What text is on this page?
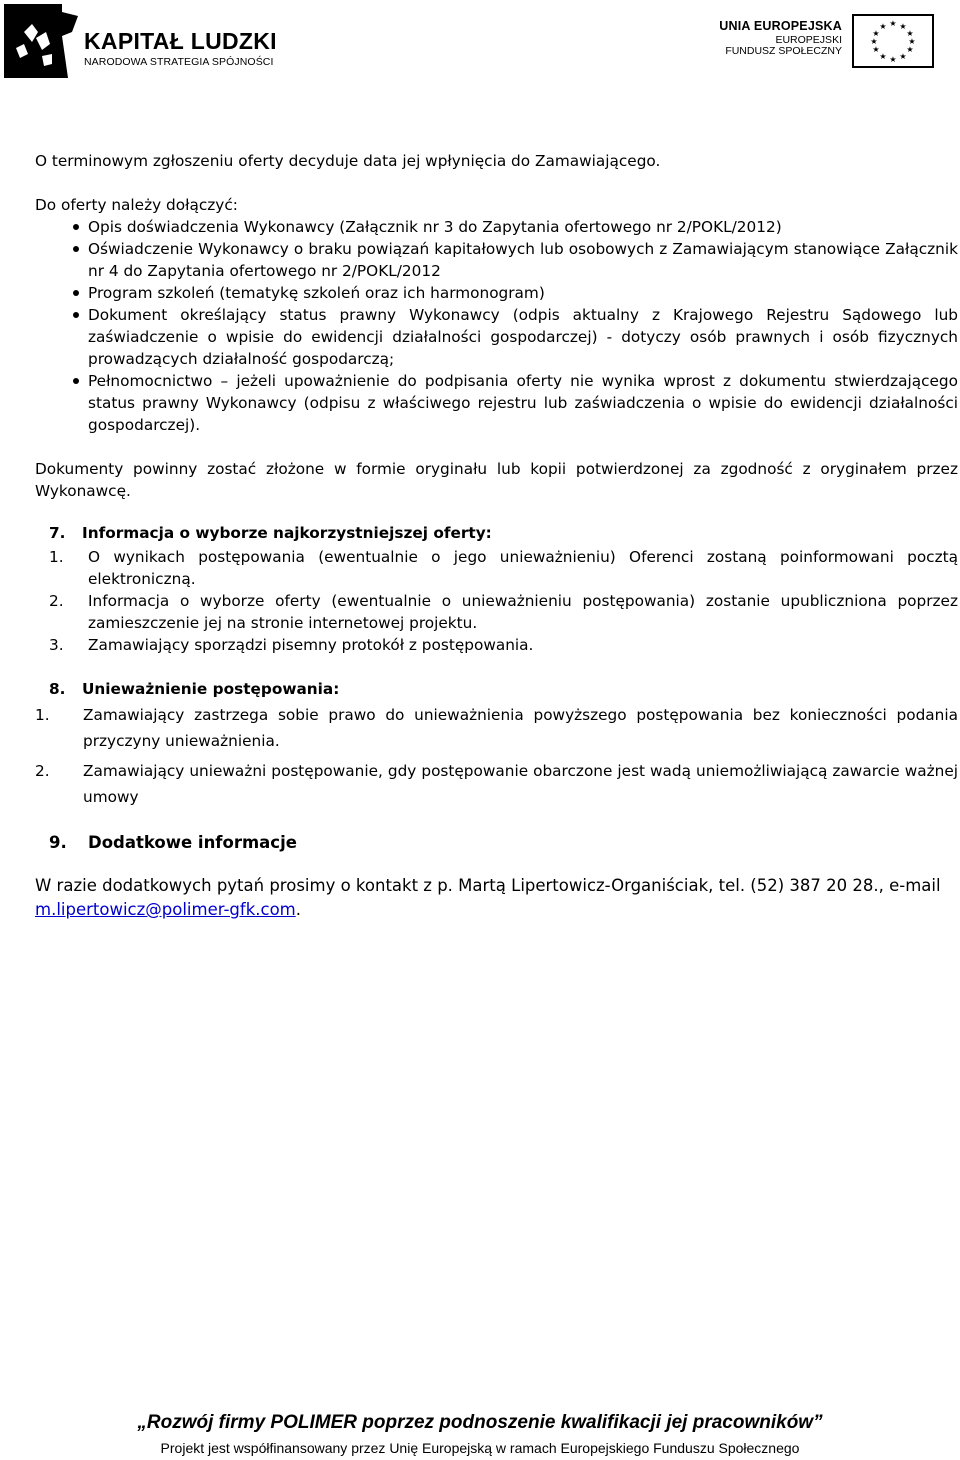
KAPITAŁ LUDZKI
NARODOWA STRATEGIA SPÓJNOŚCI
UNIA EUROPEJSKA
EUROPEJSKI
FUNDUSZ SPOŁECZNY
★ ★
★
★
★
★
★
★
★
★
★
★

O terminowym zgłoszeniu oferty decyduje data jej wpłynięcia do Zamawiającego.

Do oferty należy dołączyć:

Opis doświadczenia Wykonawcy (Załącznik nr 3 do Zapytania ofertowego nr 2/POKL/2012)
Oświadczenie Wykonawcy o braku powiązań kapitałowych lub osobowych z Zamawiającym stanowiące Załącznik nr 4 do Zapytania ofertowego nr 2/POKL/2012
Program szkoleń (tematykę szkoleń oraz ich harmonogram)
Dokument określający status prawny Wykonawcy (odpis aktualny z Krajowego Rejestru Sądowego lub zaświadczenie o wpisie do ewidencji działalności gospodarczej) - dotyczy osób prawnych i osób fizycznych prowadzących działalność gospodarczą;
Pełnomocnictwo – jeżeli upoważnienie do podpisania oferty nie wynika wprost z dokumentu stwierdzającego status prawny Wykonawcy (odpisu z właściwego rejestru lub zaświadczenia o wpisie do ewidencji działalności gospodarczej).

Dokumenty powinny zostać złożone w formie oryginału lub kopii potwierdzonej za zgodność z oryginałem przez Wykonawcę.

7.	Informacja o wyborze najkorzystniejszej oferty:
1.	O wynikach postępowania (ewentualnie o jego unieważnieniu) Oferenci zostaną poinformowani pocztą elektroniczną.
2.	Informacja o wyborze oferty (ewentualnie o unieważnieniu postępowania) zostanie upubliczniona poprzez zamieszczenie jej na stronie internetowej projektu.
3.	Zamawiający sporządzi pisemny protokół z postępowania.
8.	Unieważnienie postępowania:
1.	Zamawiający zastrzega sobie prawo do unieważnienia powyższego postępowania bez konieczności podania przyczyny unieważnienia.
2.	Zamawiający unieważni postępowanie, gdy postępowanie obarczone jest wadą uniemożliwiającą zawarcie ważnej umowy
9.	Dodatkowe informacje

W razie dodatkowych pytań prosimy o kontakt z p. Martą Lipertowicz-Organiściak, tel. (52) 387 20 28., e-mail m.lipertowicz@polimer-gfk.com.

„Rozwój firmy POLIMER poprzez podnoszenie kwalifikacji jej pracowników”
Projekt jest współfinansowany przez Unię Europejską w ramach Europejskiego Funduszu Społecznego
